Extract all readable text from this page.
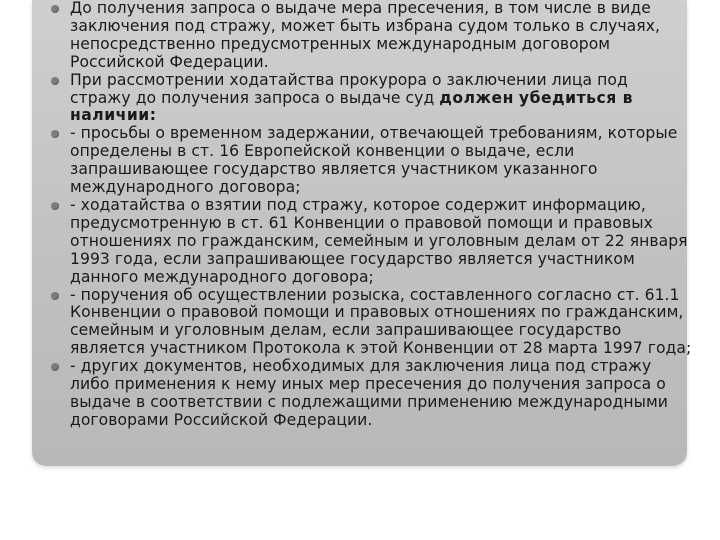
До получения запроса о выдаче мера пресечения, в том числе в виде заключения под стражу, может быть избрана судом только в случаях, непосредственно предусмотренных международным договором Российской Федерации.
При рассмотрении ходатайства прокурора о заключении лица под стражу до получения запроса о выдаче суд должен убедиться в наличии:
- просьбы о временном задержании, отвечающей требованиям, которые определены в ст. 16 Европейской конвенции о выдаче, если запрашивающее государство является участником указанного международного договора;
- ходатайства о взятии под стражу, которое содержит информацию, предусмотренную в ст. 61 Конвенции о правовой помощи и правовых отношениях по гражданским, семейным и уголовным делам от 22 января 1993 года, если запрашивающее государство является участником данного международного договора;
- поручения об осуществлении розыска, составленного согласно ст. 61.1 Конвенции о правовой помощи и правовых отношениях по гражданским, семейным и уголовным делам, если запрашивающее государство является участником Протокола к этой Конвенции от 28 марта 1997 года;
- других документов, необходимых для заключения лица под стражу либо применения к нему иных мер пресечения до получения запроса о выдаче в соответствии с подлежащими применению международными договорами Российской Федерации.
